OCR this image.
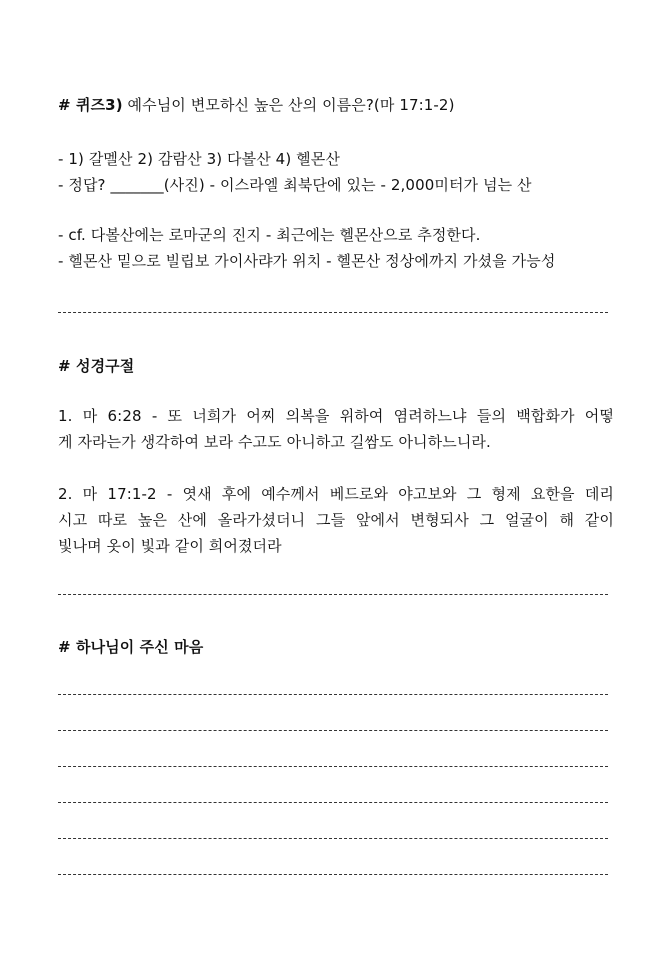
# 퀴즈3) 예수님이 변모하신 높은 산의 이름은?(마 17:1-2)
- 1) 갈멜산 2) 감람산 3) 다볼산 4) 헬몬산
- 정답? _______(사진) - 이스라엘 최북단에 있는 - 2,000미터가 넘는 산
- cf. 다볼산에는 로마군의 진지 - 최근에는 헬몬산으로 추정한다.
- 헬몬산 밑으로 빌립보 가이사랴가 위치 - 헬몬산 정상에까지 가셨을 가능성
# 성경구절
1. 마 6:28 - 또 너희가 어찌 의복을 위하여 염려하느냐 들의 백합화가 어떻
게 자라는가 생각하여 보라 수고도 아니하고 길쌈도 아니하느니라.
2. 마 17:1-2 - 엿새 후에 예수께서 베드로와 야고보와 그 형제 요한을 데리
시고 따로 높은 산에 올라가셨더니 그들 앞에서 변형되사 그 얼굴이 해 같이
빛나며 옷이 빛과 같이 희어졌더라
# 하나님이 주신 마음
